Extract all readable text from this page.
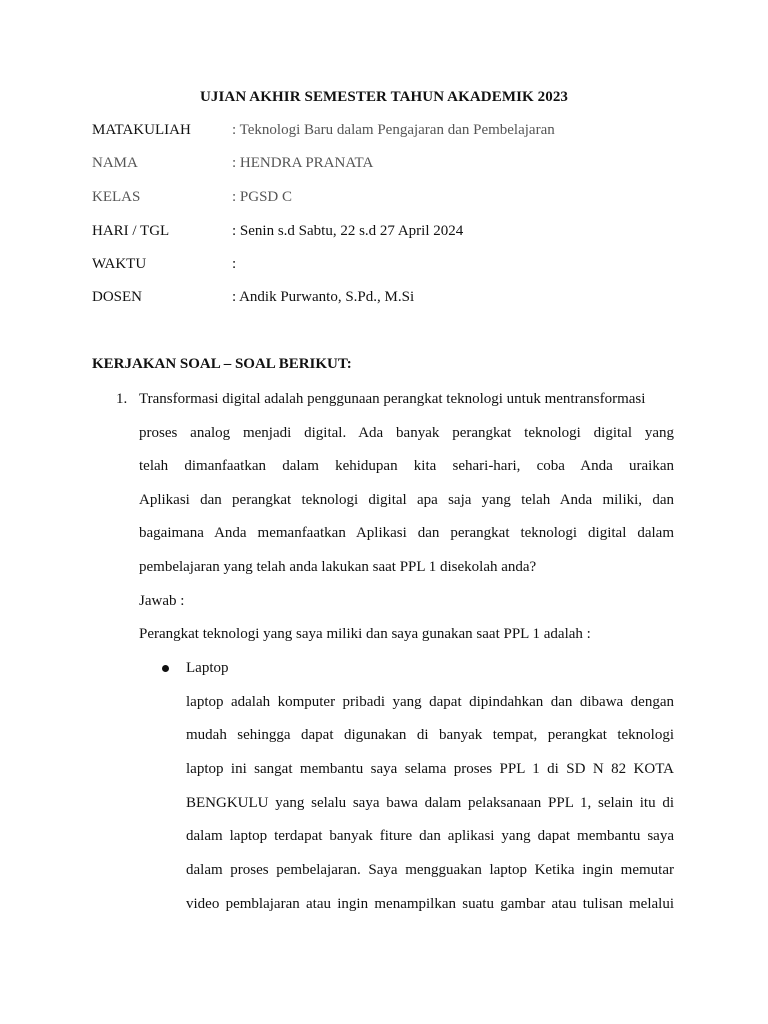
UJIAN AKHIR SEMESTER TAHUN AKADEMIK 2023
MATAKULIAH	: Teknologi Baru dalam Pengajaran dan Pembelajaran
NAMA	: HENDRA PRANATA
KELAS	: PGSD C
HARI / TGL	: Senin s.d Sabtu, 22 s.d 27 April 2024
WAKTU	:
DOSEN	: Andik Purwanto, S.Pd., M.Si
KERJAKAN SOAL – SOAL BERIKUT:
1. Transformasi digital adalah penggunaan perangkat teknologi untuk mentransformasi
proses analog menjadi digital. Ada banyak perangkat teknologi digital yang
telah dimanfaatkan dalam kehidupan kita sehari-hari, coba Anda uraikan
Aplikasi dan perangkat teknologi digital apa saja yang telah Anda miliki, dan
bagaimana Anda memanfaatkan Aplikasi dan perangkat teknologi digital dalam
pembelajaran yang telah anda lakukan saat PPL 1 disekolah anda?
Jawab :
Perangkat teknologi yang saya miliki dan saya gunakan saat PPL 1 adalah :
Laptop
laptop adalah komputer pribadi yang dapat dipindahkan dan dibawa dengan
mudah sehingga dapat digunakan di banyak tempat, perangkat teknologi
laptop ini sangat membantu saya selama proses PPL 1 di SD N 82 KOTA
BENGKULU yang selalu saya bawa dalam pelaksanaan PPL 1, selain itu di
dalam laptop terdapat banyak fiture dan aplikasi yang dapat membantu saya
dalam proses pembelajaran. Saya mengguakan laptop Ketika ingin memutar
video pemblajaran atau ingin menampilkan suatu gambar atau tulisan melalui
